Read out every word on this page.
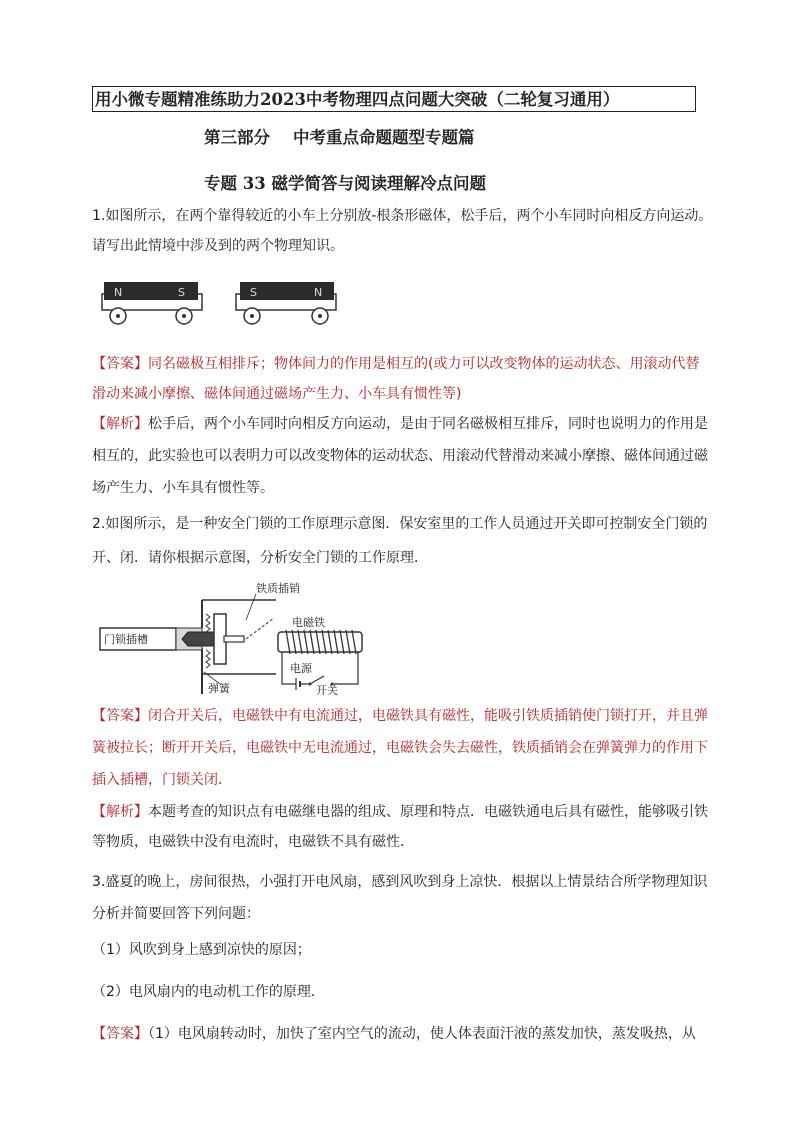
用小微专题精准练助力2023中考物理四点问题大突破（二轮复习通用）
第三部分    中考重点命题题型专题篇
专题 33 磁学简答与阅读理解冷点问题
1.如图所示，在两个靠得较近的小车上分别放-根条形磁体，松手后，两个小车同时向相反方向运动。
请写出此情境中涉及到的两个物理知识。
N	S	S	N
【答案】同名磁极互相排斥；物体间力的作用是相互的(或力可以改变物体的运动状态、用滚动代替
滑动来减小摩擦、磁体间通过磁场产生力、小车具有惯性等)
【解析】松手后，两个小车同时向相反方向运动，是由于同名磁极相互排斥，同时也说明力的作用是
相互的，此实验也可以表明力可以改变物体的运动状态、用滚动代替滑动来减小摩擦、磁体间通过磁
场产生力、小车具有惯性等。
2.如图所示，是一种安全门锁的工作原理示意图．保安室里的工作人员通过开关即可控制安全门锁的
开、闭．请你根据示意图，分析安全门锁的工作原理．
门锁插槽
弹簧
铁质插销
电磁铁
电源
开关
【答案】闭合开关后，电磁铁中有电流通过，电磁铁具有磁性，能吸引铁质插销使门锁打开，并且弹
簧被拉长；断开开关后，电磁铁中无电流通过，电磁铁会失去磁性，铁质插销会在弹簧弹力的作用下
插入插槽，门锁关闭．
【解析】本题考查的知识点有电磁继电器的组成、原理和特点．电磁铁通电后具有磁性，能够吸引铁
等物质，电磁铁中没有电流时，电磁铁不具有磁性．
3.盛夏的晚上，房间很热，小强打开电风扇，感到风吹到身上凉快．根据以上情景结合所学物理知识
分析并简要回答下列问题：
（1）风吹到身上感到凉快的原因；
（2）电风扇内的电动机工作的原理．
【答案】（1）电风扇转动时，加快了室内空气的流动，使人体表面汗液的蒸发加快，蒸发吸热，从
